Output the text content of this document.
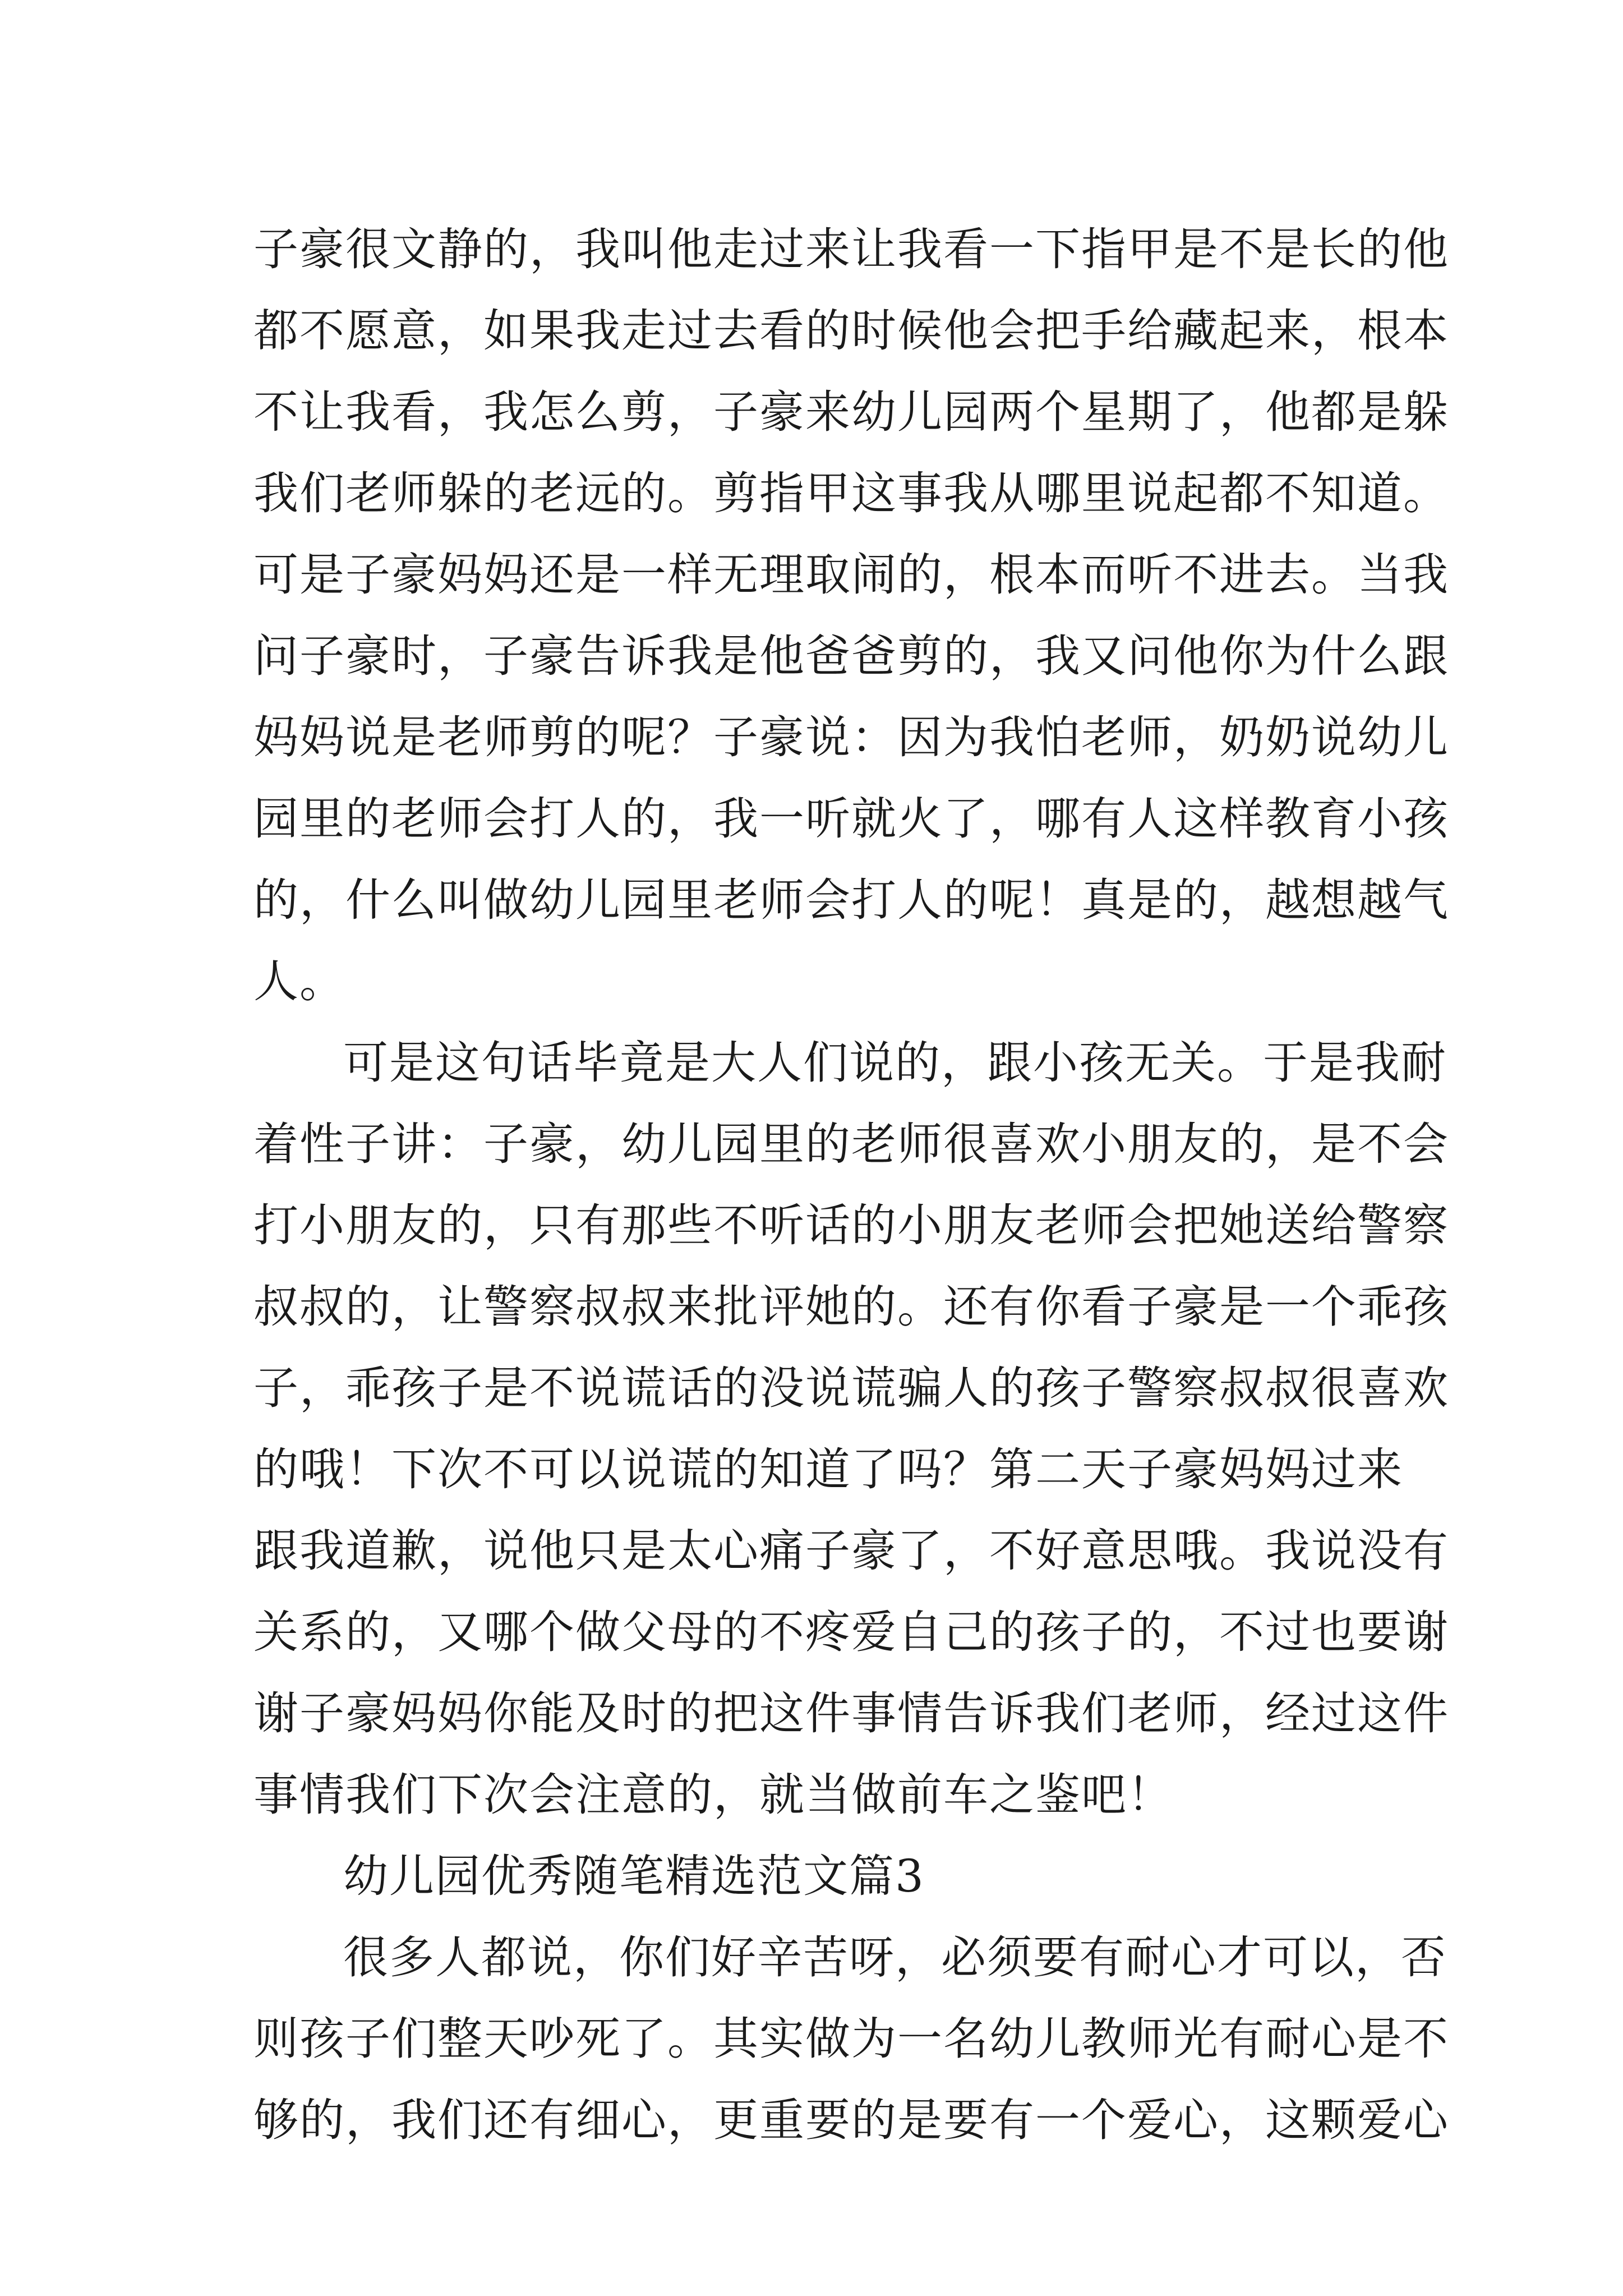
子豪很文静的，我叫他走过来让我看一下指甲是不是长的他
都不愿意，如果我走过去看的时候他会把手给藏起来，根本
不让我看，我怎么剪，子豪来幼儿园两个星期了，他都是躲
我们老师躲的老远的。剪指甲这事我从哪里说起都不知道。
可是子豪妈妈还是一样无理取闹的，根本而听不进去。当我
问子豪时，子豪告诉我是他爸爸剪的，我又问他你为什么跟
妈妈说是老师剪的呢？子豪说：因为我怕老师，奶奶说幼儿
园里的老师会打人的，我一听就火了，哪有人这样教育小孩
的，什么叫做幼儿园里老师会打人的呢！真是的，越想越气
人。
可是这句话毕竟是大人们说的，跟小孩无关。于是我耐
着性子讲：子豪，幼儿园里的老师很喜欢小朋友的，是不会
打小朋友的，只有那些不听话的小朋友老师会把她送给警察
叔叔的，让警察叔叔来批评她的。还有你看子豪是一个乖孩
子，乖孩子是不说谎话的没说谎骗人的孩子警察叔叔很喜欢
的哦！下次不可以说谎的知道了吗？第二天子豪妈妈过来
跟我道歉，说他只是太心痛子豪了，不好意思哦。我说没有
关系的，又哪个做父母的不疼爱自己的孩子的，不过也要谢
谢子豪妈妈你能及时的把这件事情告诉我们老师，经过这件
事情我们下次会注意的，就当做前车之鉴吧！
幼儿园优秀随笔精选范文篇3
很多人都说，你们好辛苦呀，必须要有耐心才可以，否
则孩子们整天吵死了。其实做为一名幼儿教师光有耐心是不
够的，我们还有细心，更重要的是要有一个爱心，这颗爱心
